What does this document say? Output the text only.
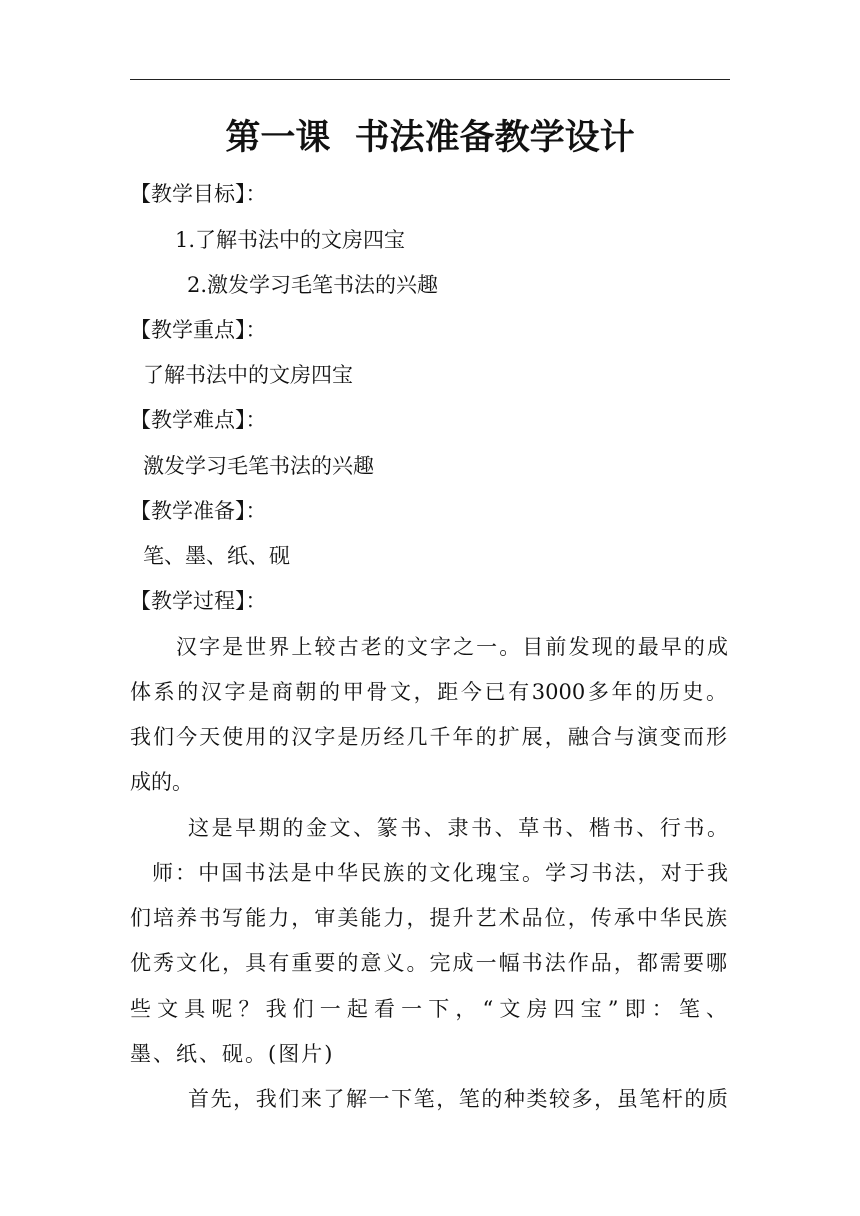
第一课  书法准备教学设计
【教学目标】：
1.了解书法中的文房四宝
2.激发学习毛笔书法的兴趣
【教学重点】：
了解书法中的文房四宝
【教学难点】：
激发学习毛笔书法的兴趣
【教学准备】：
笔、墨、纸、砚
【教学过程】：
汉字是世界上较古老的文字之一。目前发现的最早的成
体系的汉字是商朝的甲骨文，距今已有3000多年的历史。
我们今天使用的汉字是历经几千年的扩展，融合与演变而形
成的。
这是早期的金文、篆书、隶书、草书、楷书、行书。
师：中国书法是中华民族的文化瑰宝。学习书法，对于我
们培养书写能力，审美能力，提升艺术品位，传承中华民族
优秀文化，具有重要的意义。完成一幅书法作品，都需要哪
些文具呢？我们一起看一下，“文房四宝”即：笔、
墨、纸、砚。(图片)
首先，我们来了解一下笔，笔的种类较多，虽笔杆的质
